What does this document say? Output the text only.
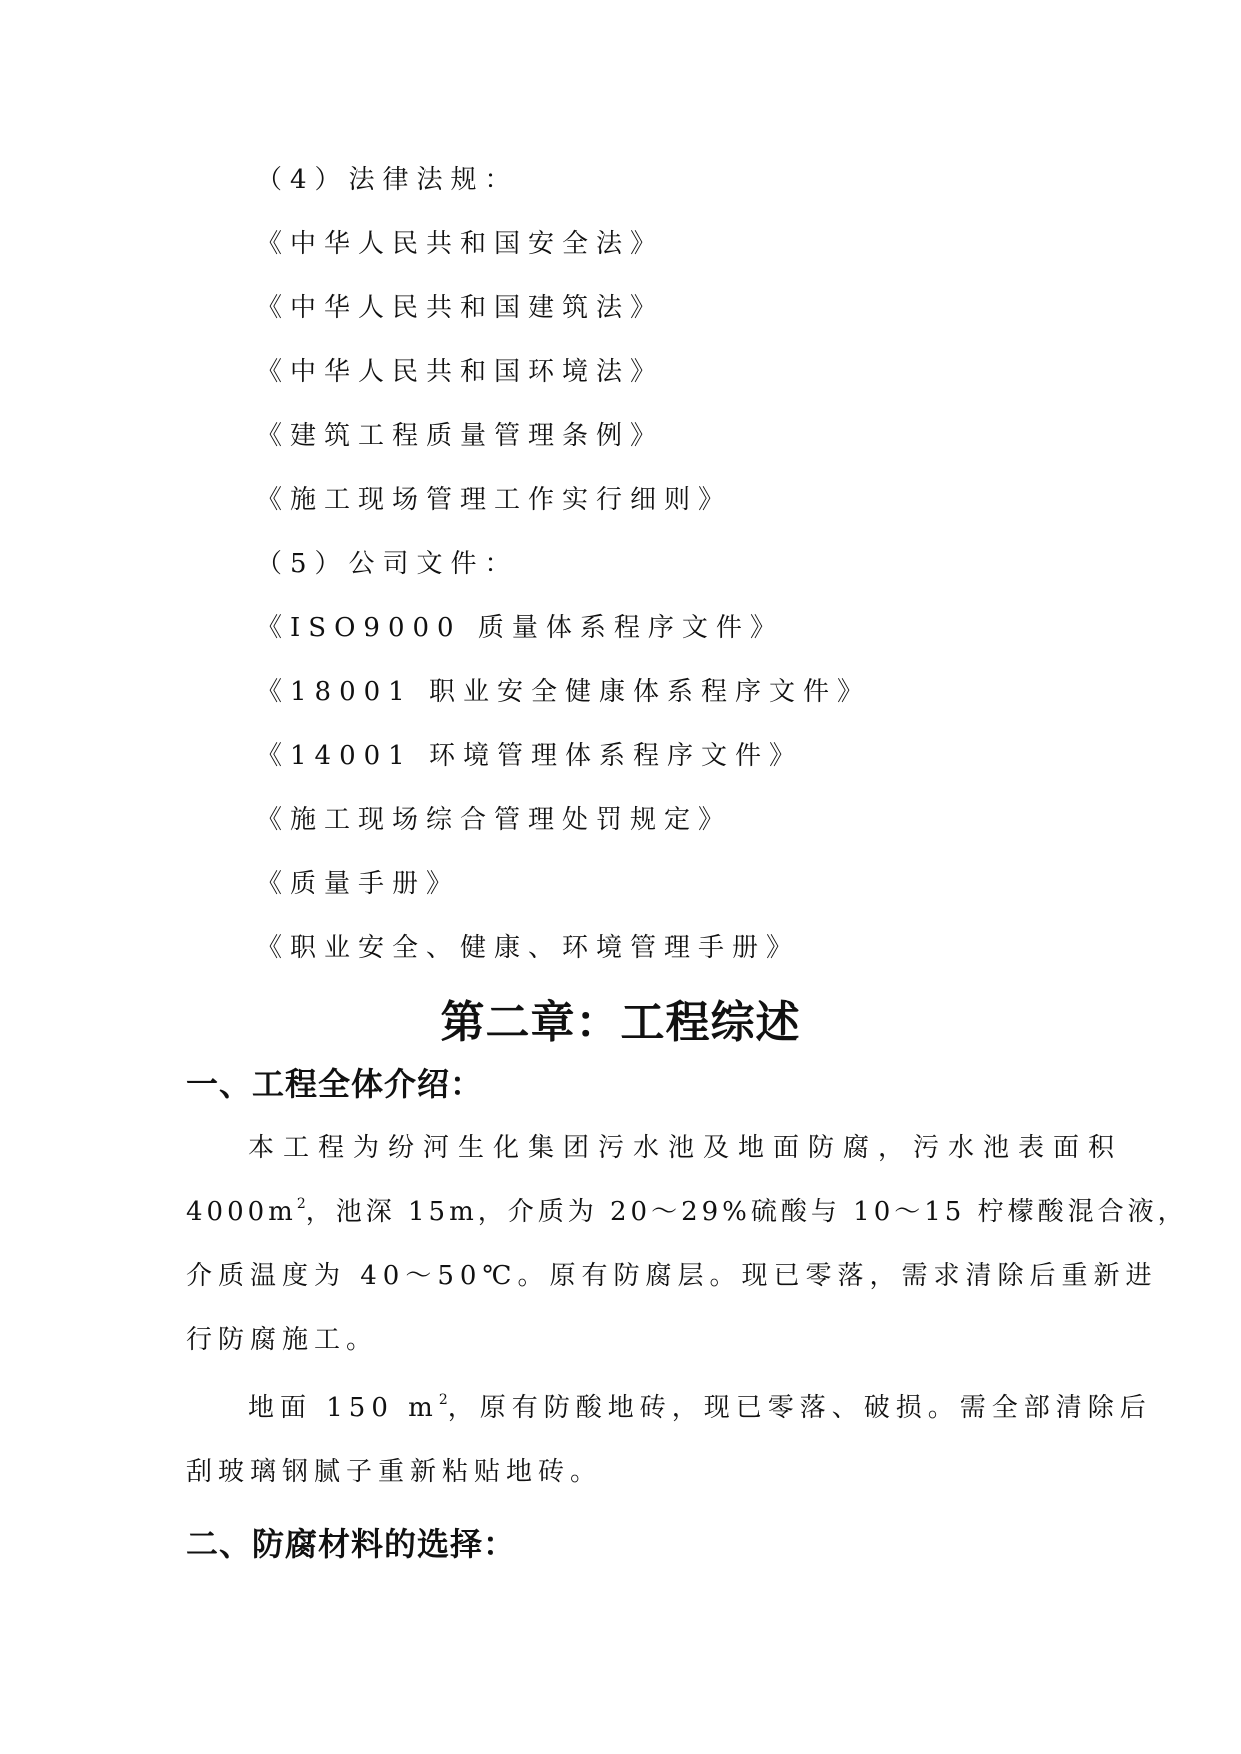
（4）法律法规：
《中华人民共和国安全法》
《中华人民共和国建筑法》
《中华人民共和国环境法》
《建筑工程质量管理条例》
《施工现场管理工作实行细则》
（5）公司文件：
《ISO9000 质量体系程序文件》
《18001 职业安全健康体系程序文件》
《14001 环境管理体系程序文件》
《施工现场综合管理处罚规定》
《质量手册》
《职业安全、健康、环境管理手册》
第二章：工程综述
一、工程全体介绍：
本工程为纷河生化集团污水池及地面防腐，污水池表面积
$4000m^2$，池深 15m，介质为 20～29%硫酸与 10～15 柠檬酸混合液，
介质温度为 40～50℃。原有防腐层。现已零落，需求清除后重新进
行防腐施工。
地面 150 $m^2$，原有防酸地砖，现已零落、破损。需全部清除后
刮玻璃钢腻子重新粘贴地砖。
二、防腐材料的选择：
